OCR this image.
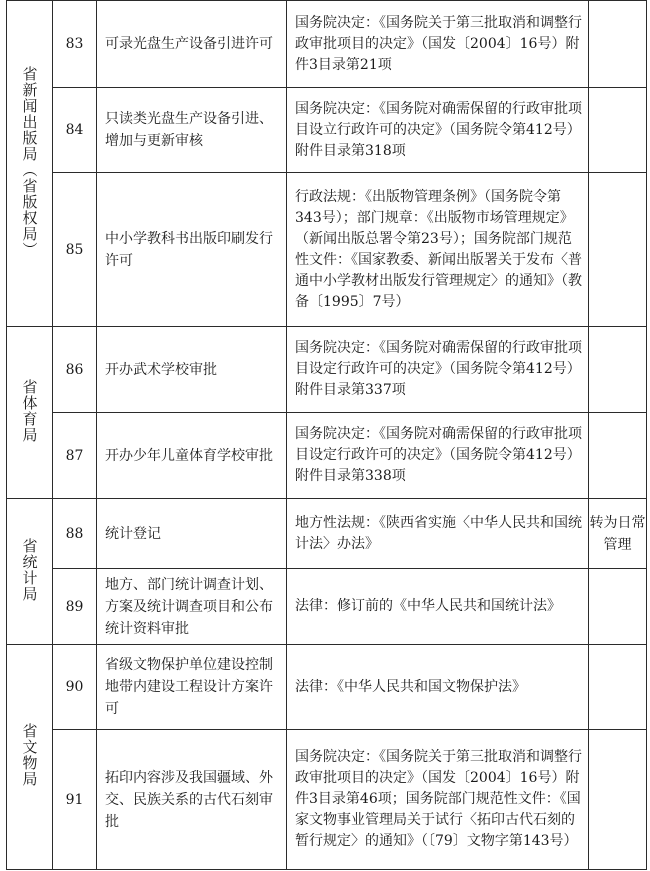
省新闻出版局（省版权局）	83	可录光盘生产设备引进许可	国务院决定：《国务院关于第三批取消和调整行政审批项目的决定》（国发〔2004〕16号）附件3目录第21项	

	84	只读类光盘生产设备引进、增加与更新审核	国务院决定：《国务院对确需保留的行政审批项目设立行政许可的决定》（国务院令第412号）附件目录第318项	

	85	中小学教科书出版印刷发行许可	行政法规：《出版物管理条例》（国务院令第343号）；部门规章：《出版物市场管理规定》（新闻出版总署令第23号）；国务院部门规范性文件：《国家教委、新闻出版署关于发布〈普通中小学教材出版发行管理规定〉的通知》（教备〔1995〕7号）	

省体育局	86	开办武术学校审批	国务院决定：《国务院对确需保留的行政审批项目设定行政许可的决定》（国务院令第412号）附件目录第337项	

	87	开办少年儿童体育学校审批	国务院决定：《国务院对确需保留的行政审批项目设定行政许可的决定》（国务院令第412号）附件目录第338项	

省统计局	88	统计登记	地方性法规：《陕西省实施〈中华人民共和国统计法〉办法》	转为日常管理
	89	地方、部门统计调查计划、方案及统计调查项目和公布统计资料审批	法律：修订前的《中华人民共和国统计法》	

省文物局	90	省级文物保护单位建设控制地带内建设工程设计方案许可	法律：《中华人民共和国文物保护法》	

	91	拓印内容涉及我国疆域、外交、民族关系的古代石刻审批	国务院决定：《国务院关于第三批取消和调整行政审批项目的决定》（国发〔2004〕16号）附件3目录第46项；国务院部门规范性文件：《国家文物事业管理局关于试行〈拓印古代石刻的暂行规定〉的通知》（〔79〕文物字第143号）	
